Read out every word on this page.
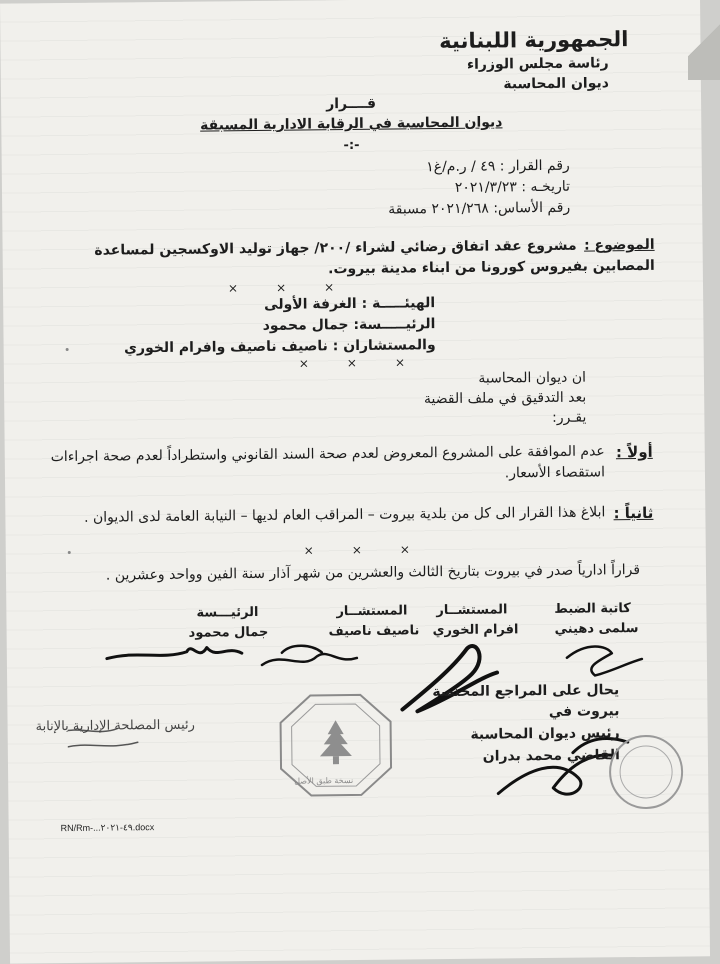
الجمهورية اللبنانية
رئاسة مجلس الوزراء
ديوان المحاسبة
قــــرار
ديوان المحاسبة في الرقابة الادارية المسبقة
-:-
رقم القرار : ٤٩ / ر.م/غ١
تاريخـه : ٢٠٢١/٣/٢٣
رقم الأساس: ٢٠٢١/٢٦٨ مسبقة
الموضوع :
مشروع عقد اتفاق رضائي لشراء /٢٠٠/ جهاز توليد الاوكسجين لمساعدة
المصابين بفيروس كورونا من ابناء مدينة بيروت.
×	×	×
الهيئـــــة : الغرفة الأولى
الرئيـــــسة: جمال محمود
والمستشاران : ناصيف ناصيف وافرام الخوري
×	×	×
ان ديوان المحاسبة
بعد التدقيق في ملف القضية
يقـرر:
أولاً :
عدم الموافقة على المشروع المعروض لعدم صحة السند القانوني واستطراداً لعدم صحة اجراءات
استقصاء الأسعار.
ثانياً :
ابلاغ هذا القرار الى كل من بلدية بيروت – المراقب العام لديها – النيابة العامة لدى الديوان .
×	×	×
قراراً ادارياً صدر في بيروت بتاريخ الثالث والعشرين من شهر آذار سنة الفين وواحد وعشرين .
الرئيـــسة
جمال محمود
المستشــار
ناصيف ناصيف
المستشــار
افرام الخوري
كاتبة الضبط
سلمى دهيني
يحال على المراجع المختصة
بيروت في
رئيس ديوان المحاسبة
القاضي محمد بدران
رئيس المصلحة الإدارية بالإنابة
نسخة طبق الأصل
RN/Rm-...٤٩-٢٠٢١.docx
